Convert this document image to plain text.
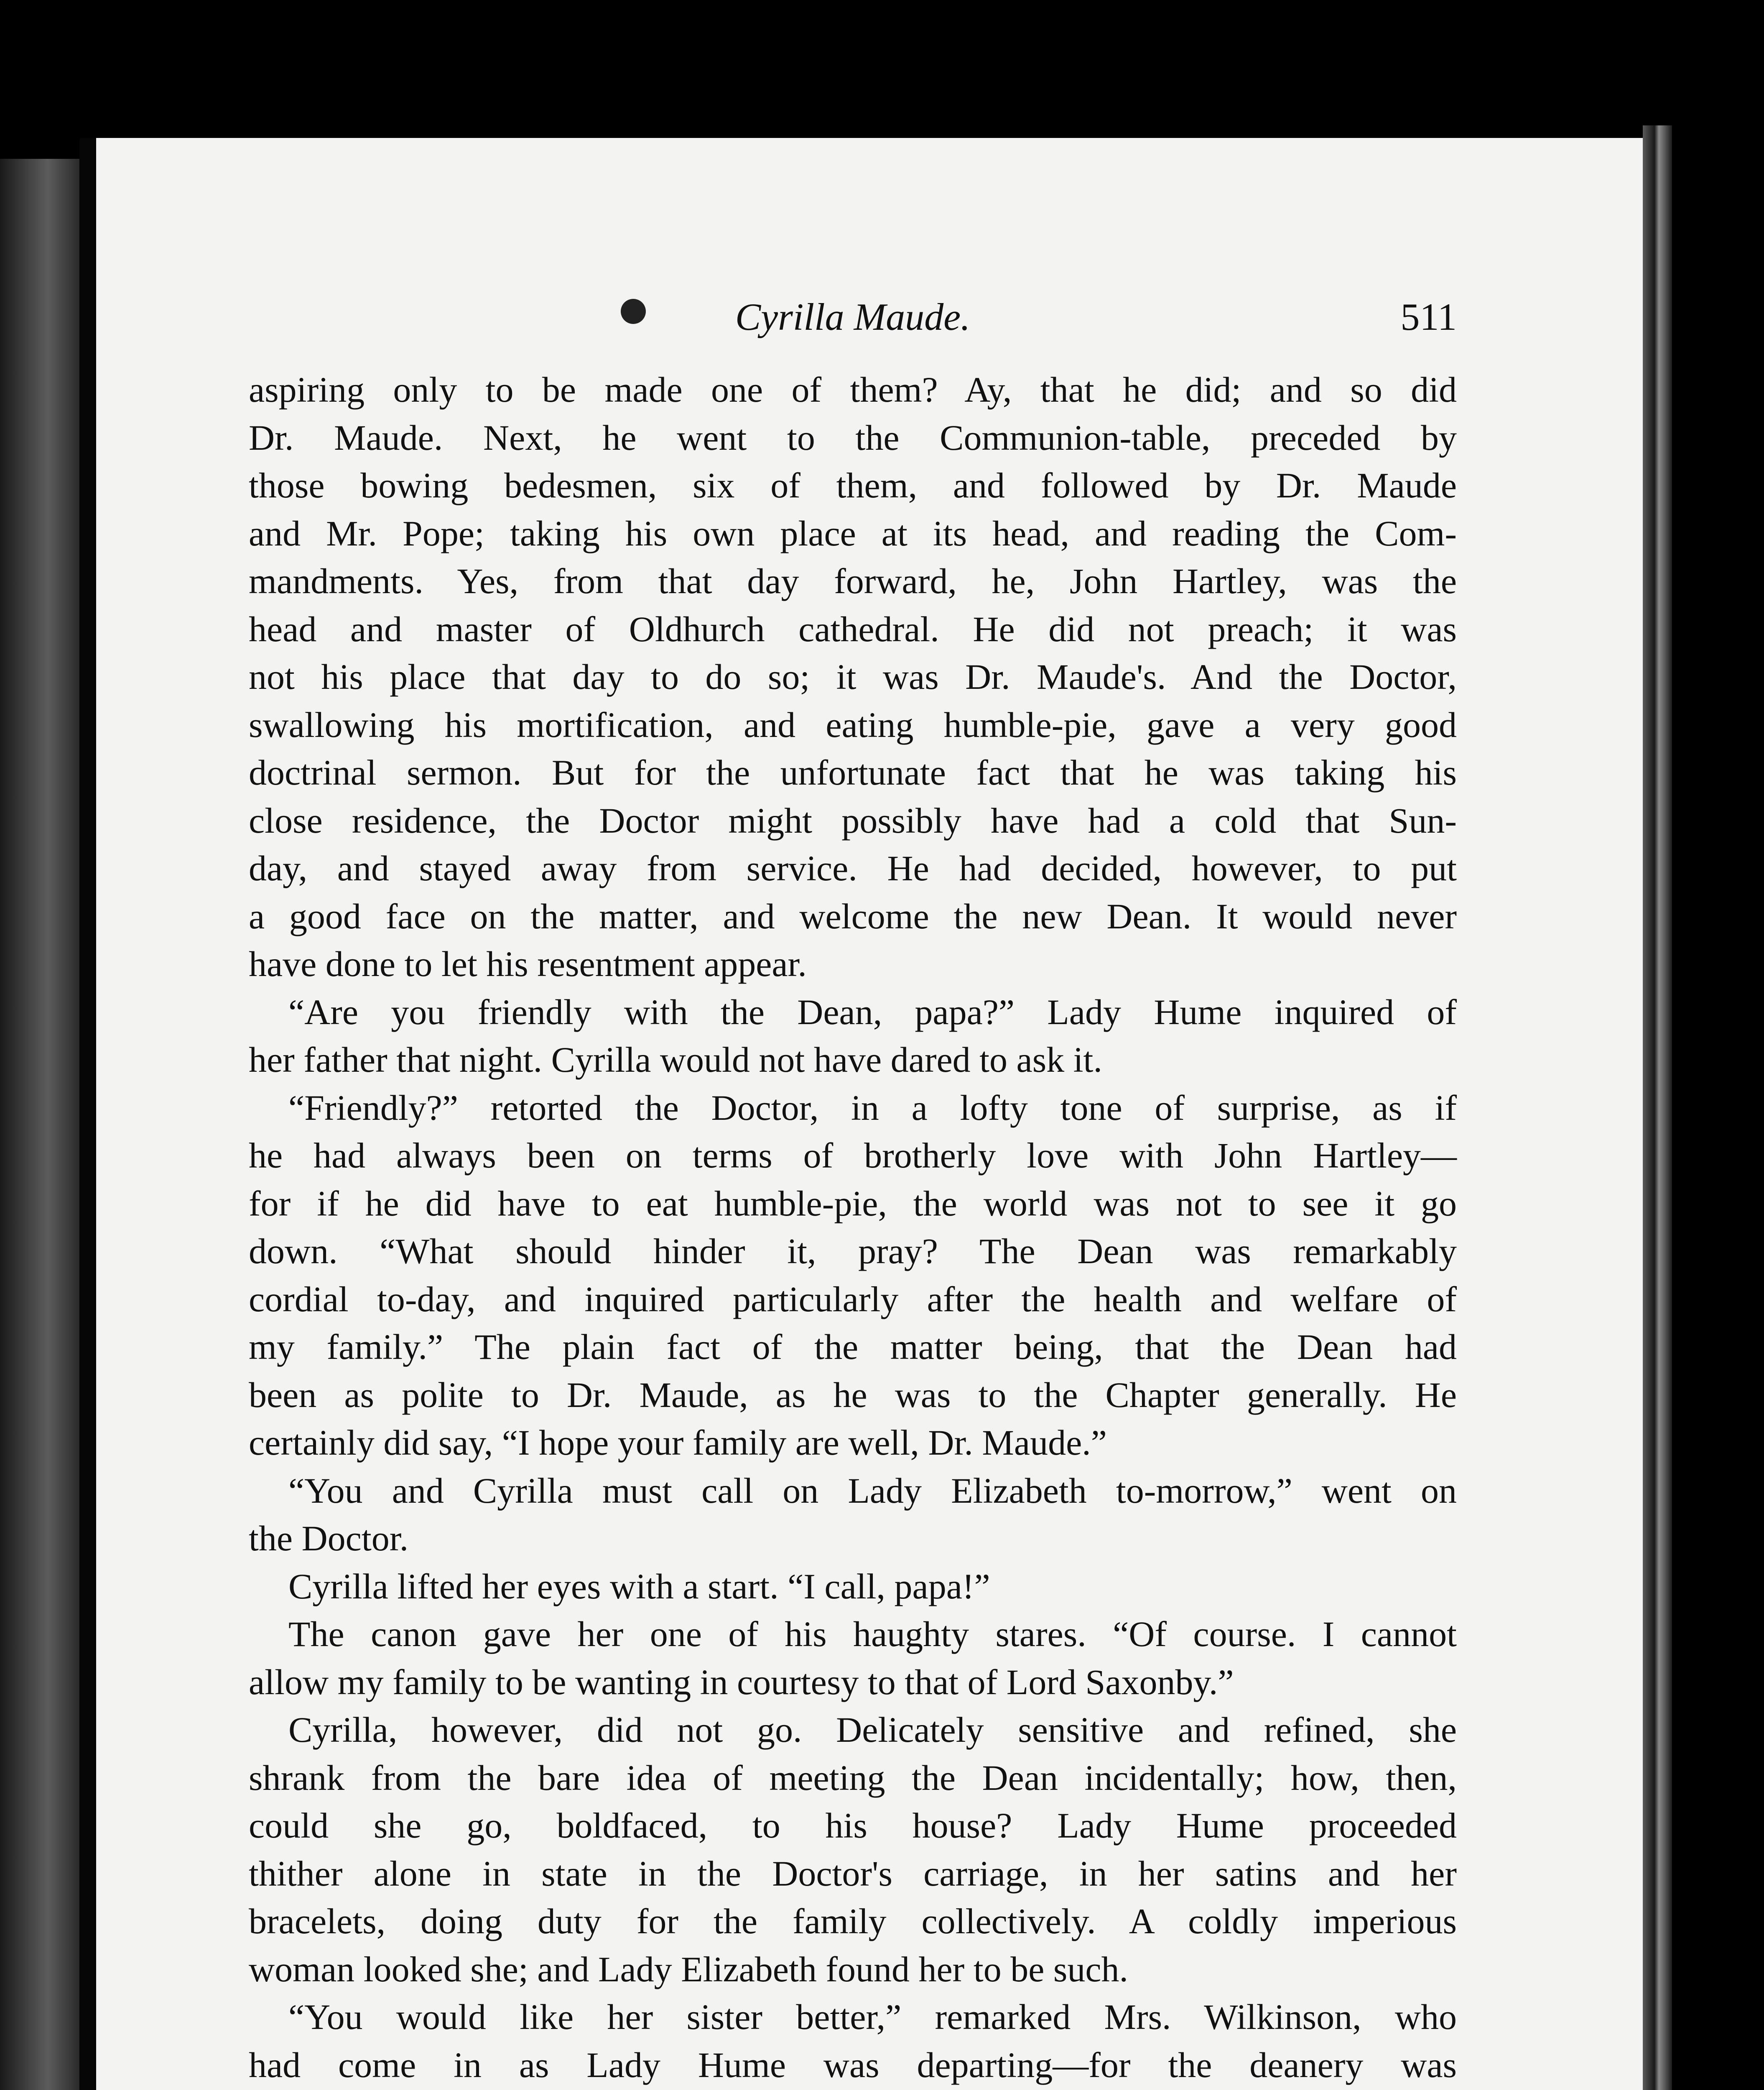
Cyrilla Maude.	511
aspiring only to be made one of them? Ay, that he did; and so did
Dr. Maude. Next, he went to the Communion-table, preceded by
those bowing bedesmen, six of them, and followed by Dr. Maude
and Mr. Pope; taking his own place at its head, and reading the Com-
mandments. Yes, from that day forward, he, John Hartley, was the
head and master of Oldhurch cathedral. He did not preach; it was
not his place that day to do so; it was Dr. Maude's. And the Doctor,
swallowing his mortification, and eating humble-pie, gave a very good
doctrinal sermon. But for the unfortunate fact that he was taking his
close residence, the Doctor might possibly have had a cold that Sun-
day, and stayed away from service. He had decided, however, to put
a good face on the matter, and welcome the new Dean. It would never
have done to let his resentment appear.
“Are you friendly with the Dean, papa?” Lady Hume inquired of
her father that night. Cyrilla would not have dared to ask it.
“Friendly?” retorted the Doctor, in a lofty tone of surprise, as if
he had always been on terms of brotherly love with John Hartley—
for if he did have to eat humble-pie, the world was not to see it go
down. “What should hinder it, pray? The Dean was remarkably
cordial to-day, and inquired particularly after the health and welfare of
my family.” The plain fact of the matter being, that the Dean had
been as polite to Dr. Maude, as he was to the Chapter generally. He
certainly did say, “I hope your family are well, Dr. Maude.”
“You and Cyrilla must call on Lady Elizabeth to-morrow,” went on
the Doctor.
Cyrilla lifted her eyes with a start. “I call, papa!”
The canon gave her one of his haughty stares. “Of course. I cannot
allow my family to be wanting in courtesy to that of Lord Saxonby.”
Cyrilla, however, did not go. Delicately sensitive and refined, she
shrank from the bare idea of meeting the Dean incidentally; how, then,
could she go, boldfaced, to his house? Lady Hume proceeded
thither alone in state in the Doctor's carriage, in her satins and her
bracelets, doing duty for the family collectively. A coldly imperious
woman looked she; and Lady Elizabeth found her to be such.
“You would like her sister better,” remarked Mrs. Wilkinson, who
had come in as Lady Hume was departing—for the deanery was
